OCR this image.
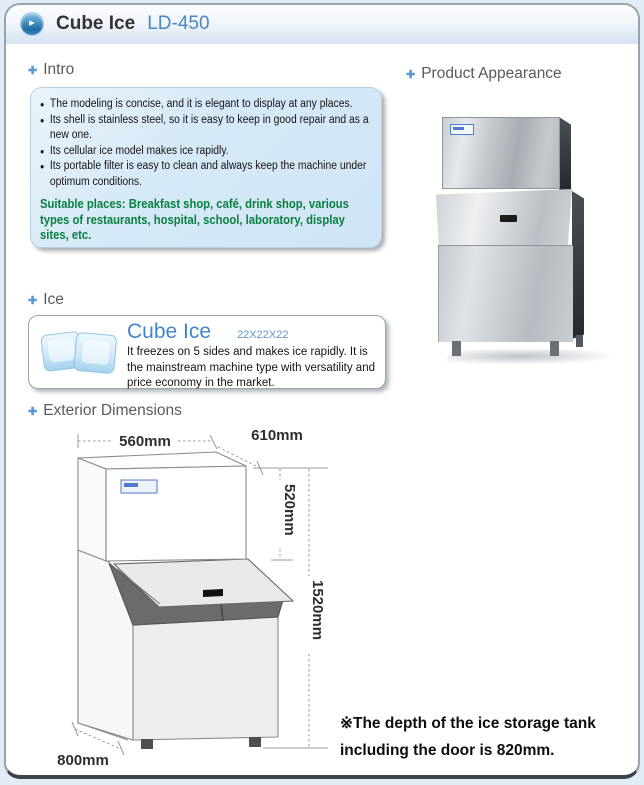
▸	Cube Ice LD-450
✚ Intro
● The modeling is concise, and it is elegant to display at any places.
● Its shell is stainless steel, so it is easy to keep in good repair and as a new one.
● Its cellular ice model makes ice rapidly.
● Its portable filter is easy to clean and always keep the machine under optimum conditions.
Suitable places: Breakfast shop, café, drink shop, various types of restaurants, hospital, school, laboratory, display sites, etc.
✚ Product Appearance
✚ Ice
Cube Ice 22X22X22
It freezes on 5 sides and makes ice rapidly. It is the mainstream machine type with versatility and price economy in the market.
✚ Exterior Dimensions
560mm	610mm
520mm
1520mm
800mm
※The depth of the ice storage tank
including the door is 820mm.
